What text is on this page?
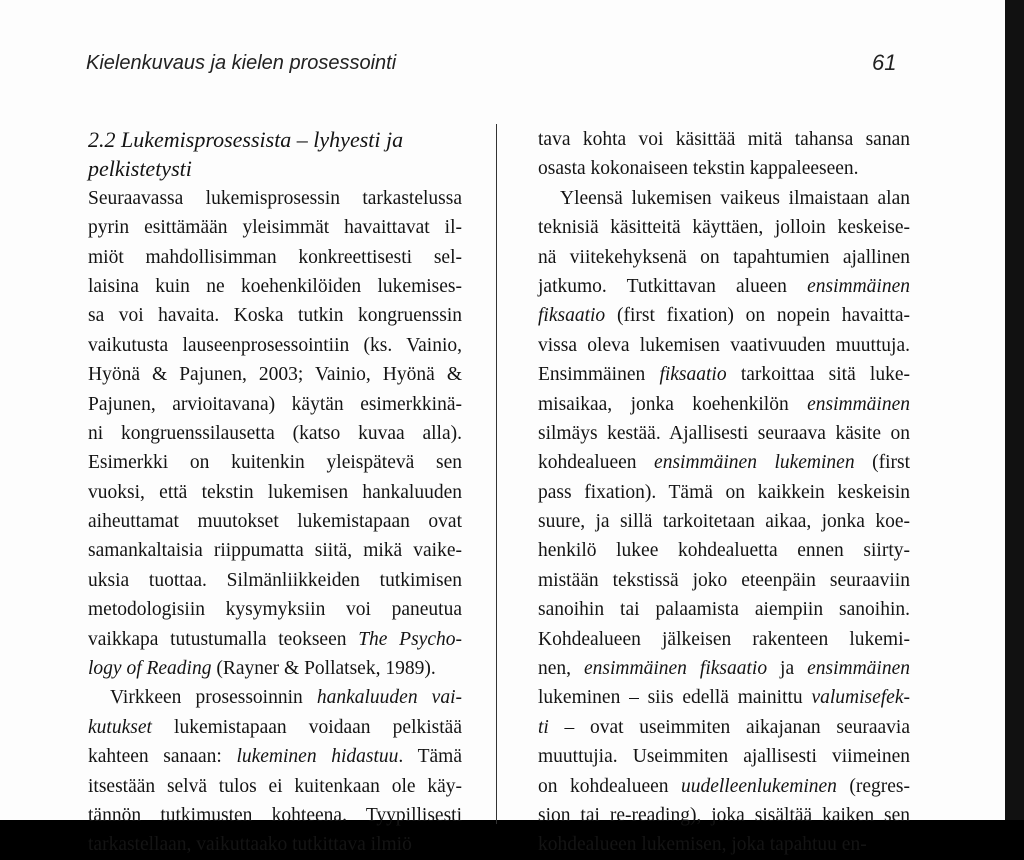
Kielenkuvaus ja kielen prosessointi	61
2.2 Lukemisprosessista – lyhyesti ja
pelkistetysti
Seuraavassa lukemisprosessin tarkastelussa
pyrin esittämään yleisimmät havaittavat il-
miöt mahdollisimman konkreettisesti sel-
laisina kuin ne koehenkilöiden lukemises-
sa voi havaita. Koska tutkin kongruenssin
vaikutusta lauseenprosessointiin (ks. Vainio,
Hyönä & Pajunen, 2003; Vainio, Hyönä &
Pajunen, arvioitavana) käytän esimerkkinä-
ni kongruenssilausetta (katso kuvaa alla).
Esimerkki on kuitenkin yleispätevä sen
vuoksi, että tekstin lukemisen hankaluuden
aiheuttamat muutokset lukemistapaan ovat
samankaltaisia riippumatta siitä, mikä vaike-
uksia tuottaa. Silmänliikkeiden tutkimisen
metodologisiin kysymyksiin voi paneutua
vaikkapa tutustumalla teokseen The Psycho-
logy of Reading (Rayner & Pollatsek, 1989).
Virkkeen prosessoinnin hankaluuden vai-
kutukset lukemistapaan voidaan pelkistää
kahteen sanaan: lukeminen hidastuu. Tämä
itsestään selvä tulos ei kuitenkaan ole käy-
tännön tutkimusten kohteena. Tyypillisesti
tarkastellaan, vaikuttaako tutkittava ilmiö
tava kohta voi käsittää mitä tahansa sanan
osasta kokonaiseen tekstin kappaleeseen.
Yleensä lukemisen vaikeus ilmaistaan alan
teknisiä käsitteitä käyttäen, jolloin keskeise-
nä viitekehyksenä on tapahtumien ajallinen
jatkumo. Tutkittavan alueen ensimmäinen
fiksaatio (first fixation) on nopein havaitta-
vissa oleva lukemisen vaativuuden muuttuja.
Ensimmäinen fiksaatio tarkoittaa sitä luke-
misaikaa, jonka koehenkilön ensimmäinen
silmäys kestää. Ajallisesti seuraava käsite on
kohdealueen ensimmäinen lukeminen (first
pass fixation). Tämä on kaikkein keskeisin
suure, ja sillä tarkoitetaan aikaa, jonka koe-
henkilö lukee kohdealuetta ennen siirty-
mistään tekstissä joko eteenpäin seuraaviin
sanoihin tai palaamista aiempiin sanoihin.
Kohdealueen jälkeisen rakenteen lukemi-
nen, ensimmäinen fiksaatio ja ensimmäinen
lukeminen – siis edellä mainittu valumisefek-
ti – ovat useimmiten aikajanan seuraavia
muuttujia. Useimmiten ajallisesti viimeinen
on kohdealueen uudelleenlukeminen (regres-
sion tai re-reading), joka sisältää kaiken sen
kohdealueen lukemisen, joka tapahtuu en-
